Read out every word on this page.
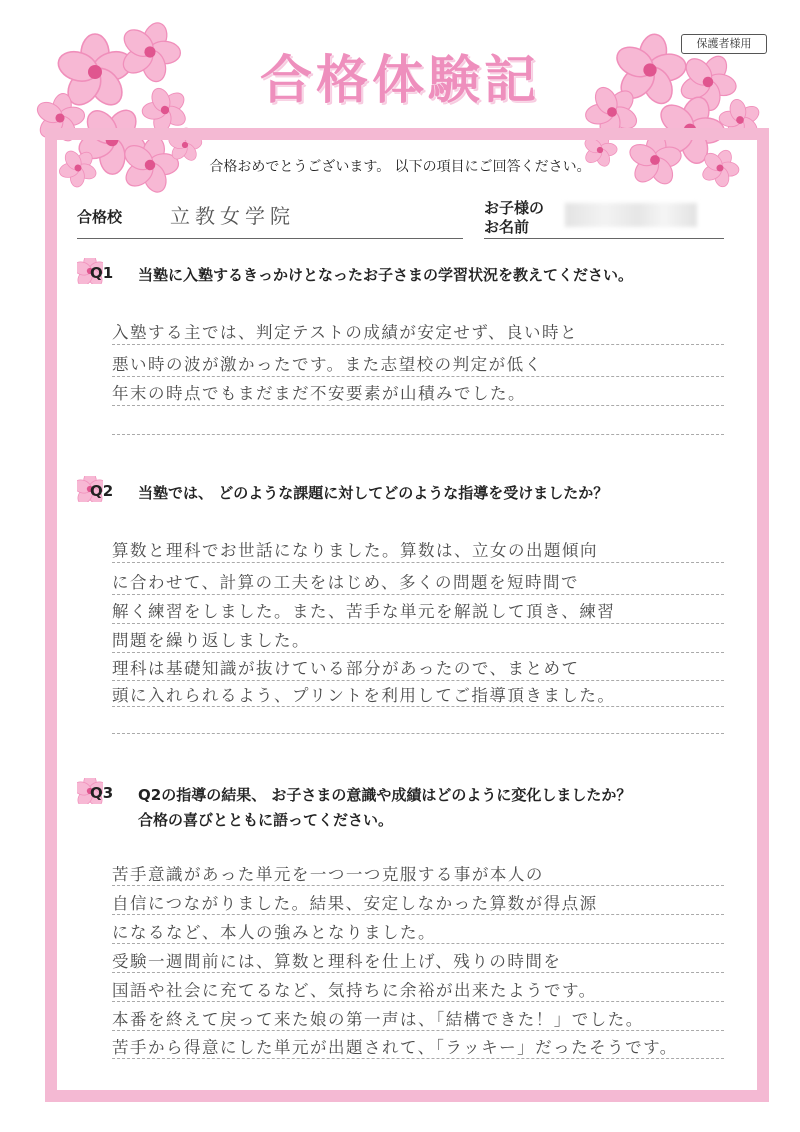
保護者様用
合格体験記
合格おめでとうございます。 以下の項目にご回答ください。
合格校 立教女学院	お子様の
お名前
Q1 当塾に入塾するきっかけとなったお子さまの学習状況を教えてください。
入塾する主では、判定テストの成績が安定せず、良い時と
悪い時の波が激かったです。また志望校の判定が低く
年末の時点でもまだまだ不安要素が山積みでした。
Q2 当塾では、 どのような課題に対してどのような指導を受けましたか？
算数と理科でお世話になりました。算数は、立女の出題傾向
に合わせて、計算の工夫をはじめ、多くの問題を短時間で
解く練習をしました。また、苦手な単元を解説して頂き、練習
問題を繰り返しました。
理科は基礎知識が抜けている部分があったので、まとめて
頭に入れられるよう、プリントを利用してご指導頂きました。
Q3 Q2の指導の結果、 お子さまの意識や成績はどのように変化しましたか？
合格の喜びとともに語ってください。
苦手意識があった単元を一つ一つ克服する事が本人の
自信につながりました。結果、安定しなかった算数が得点源
になるなど、本人の強みとなりました。
受験一週間前には、算数と理科を仕上げ、残りの時間を
国語や社会に充てるなど、気持ちに余裕が出来たようです。
本番を終えて戻って来た娘の第一声は、「結構できた！」でした。
苦手から得意にした単元が出題されて、「ラッキー」だったそうです。
